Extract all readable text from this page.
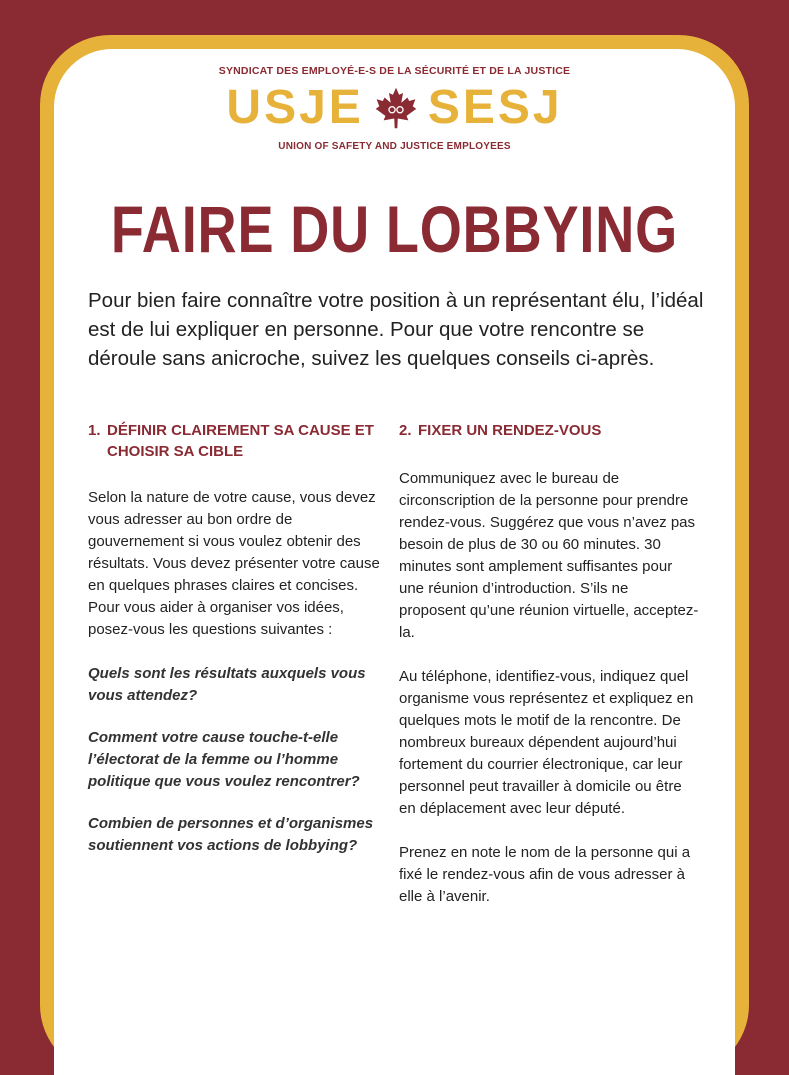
SYNDICAT DES EMPLOYÉ-E-S DE LA SÉCURITÉ ET DE LA JUSTICE
USJE SESJ
UNION OF SAFETY AND JUSTICE EMPLOYEES
FAIRE DU LOBBYING
Pour bien faire connaître votre position à un représentant élu, l’idéal est de lui expliquer en personne. Pour que votre rencontre se déroule sans anicroche, suivez les quelques conseils ci-après.
1. DÉFINIR CLAIREMENT SA CAUSE ET CHOISIR SA CIBLE

Selon la nature de votre cause, vous devez vous adresser au bon ordre de gouvernement si vous voulez obtenir des résultats. Vous devez présenter votre cause en quelques phrases claires et concises. Pour vous aider à organiser vos idées, posez-vous les questions suivantes :

Quels sont les résultats auxquels vous vous attendez?

Comment votre cause touche-t-elle l’électorat de la femme ou l’homme politique que vous voulez rencontrer?

Combien de personnes et d’organismes soutiennent vos actions de lobbying?

2. FIXER UN RENDEZ-VOUS

Communiquez avec le bureau de circonscription de la personne pour prendre rendez-vous. Suggérez que vous n’avez pas besoin de plus de 30 ou 60 minutes. 30 minutes sont amplement suffisantes pour une réunion d’introduction. S’ils ne proposent qu’une réunion virtuelle, acceptez-la.

Au téléphone, identifiez-vous, indiquez quel organisme vous représentez et expliquez en quelques mots le motif de la rencontre. De nombreux bureaux dépendent aujourd’hui fortement du courrier électronique, car leur personnel peut travailler à domicile ou être en déplacement avec leur député.

Prenez en note le nom de la personne qui a fixé le rendez-vous afin de vous adresser à elle à l’avenir.
